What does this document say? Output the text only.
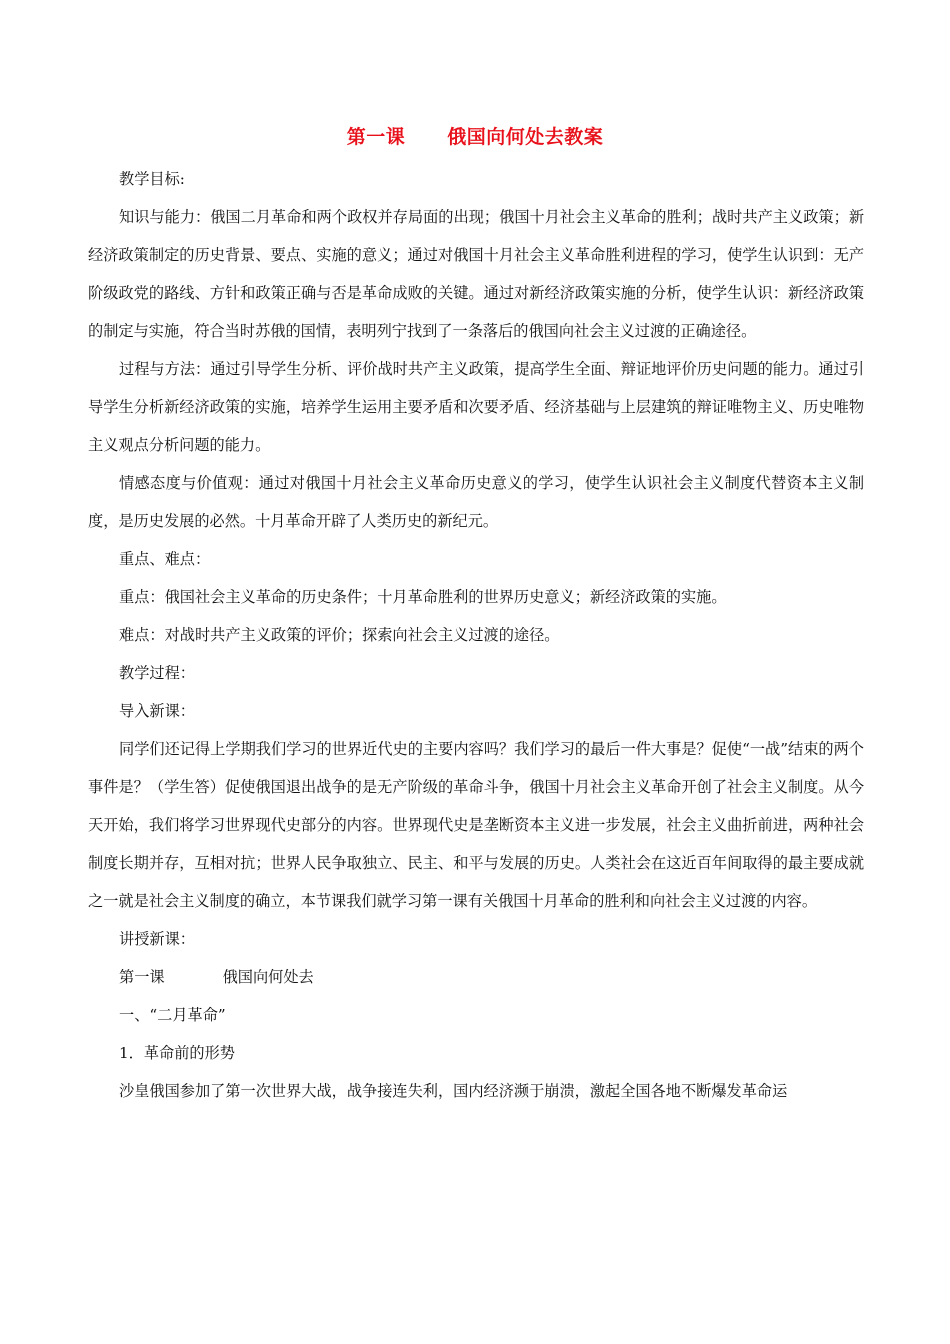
第一课 俄国向何处去教案

教学目标:

知识与能力：俄国二月革命和两个政权并存局面的出现；俄国十月社会主义革命的胜利；战时共产主义政策；新经济政策制定的历史背景、要点、实施的意义；通过对俄国十月社会主义革命胜利进程的学习，使学生认识到：无产阶级政党的路线、方针和政策正确与否是革命成败的关键。通过对新经济政策实施的分析，使学生认识：新经济政策的制定与实施，符合当时苏俄的国情，表明列宁找到了一条落后的俄国向社会主义过渡的正确途径。

过程与方法：通过引导学生分析、评价战时共产主义政策，提高学生全面、辩证地评价历史问题的能力。通过引导学生分析新经济政策的实施，培养学生运用主要矛盾和次要矛盾、经济基础与上层建筑的辩证唯物主义、历史唯物主义观点分析问题的能力。

情感态度与价值观：通过对俄国十月社会主义革命历史意义的学习，使学生认识社会主义制度代替资本主义制度，是历史发展的必然。十月革命开辟了人类历史的新纪元。

重点、难点：

重点：俄国社会主义革命的历史条件；十月革命胜利的世界历史意义；新经济政策的实施。

难点：对战时共产主义政策的评价；探索向社会主义过渡的途径。

教学过程：

导入新课：

同学们还记得上学期我们学习的世界近代史的主要内容吗？我们学习的最后一件大事是？促使“一战”结束的两个事件是？（学生答）促使俄国退出战争的是无产阶级的革命斗争，俄国十月社会主义革命开创了社会主义制度。从今天开始，我们将学习世界现代史部分的内容。世界现代史是垄断资本主义进一步发展，社会主义曲折前进，两种社会制度长期并存，互相对抗；世界人民争取独立、民主、和平与发展的历史。人类社会在这近百年间取得的最主要成就之一就是社会主义制度的确立，本节课我们就学习第一课有关俄国十月革命的胜利和向社会主义过渡的内容。

讲授新课：

第一课	俄国向何处去

一、“二月革命”

1．革命前的形势

沙皇俄国参加了第一次世界大战，战争接连失利，国内经济濒于崩溃，激起全国各地不断爆发革命运
